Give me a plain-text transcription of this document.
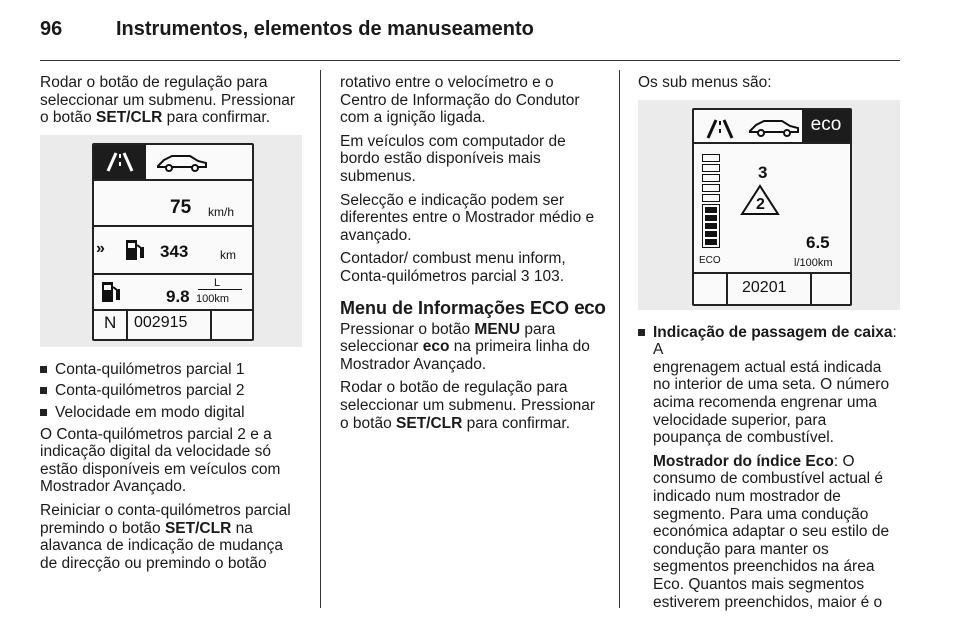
96	Instrumentos, elementos de manuseamento

Rodar o botão de regulação para
seleccionar um submenu. Pressionar
o botão SET/CLR para confirmar.

75 km/h
»	343	km
9.8
L
100km
N 002915
Conta-quilómetros parcial 1
Conta-quilómetros parcial 2
Velocidade em modo digital

O Conta-quilómetros parcial 2 e a
indicação digital da velocidade só
estão disponíveis em veículos com
Mostrador Avançado.

Reiniciar o conta-quilómetros parcial
premindo o botão SET/CLR na
alavanca de indicação de mudança
de direcção ou premindo o botão

rotativo entre o velocímetro e o
Centro de Informação do Condutor
com a ignição ligada.

Em veículos com computador de
bordo estão disponíveis mais
submenus.

Selecção e indicação podem ser
diferentes entre o Mostrador médio e
avançado.

Contador/ combust menu inform,
Conta-quilómetros parcial 3 103.

Menu de Informações ECO eco

Pressionar o botão MENU para
seleccionar eco na primeira linha do
Mostrador Avançado.

Rodar o botão de regulação para
seleccionar um submenu. Pressionar
o botão SET/CLR para confirmar.

Os sub menus são:

eco
ECO
3
2
6.5
l/100km
20201
Indicação de passagem de caixa: A
engrenagem actual está indicada
no interior de uma seta. O número
acima recomenda engrenar uma
velocidade superior, para
poupança de combustível.
Mostrador do índice Eco: O
consumo de combustível actual é
indicado num mostrador de
segmento. Para uma condução
económica adaptar o seu estilo de
condução para manter os
segmentos preenchidos na área
Eco. Quantos mais segmentos
estiverem preenchidos, maior é o
